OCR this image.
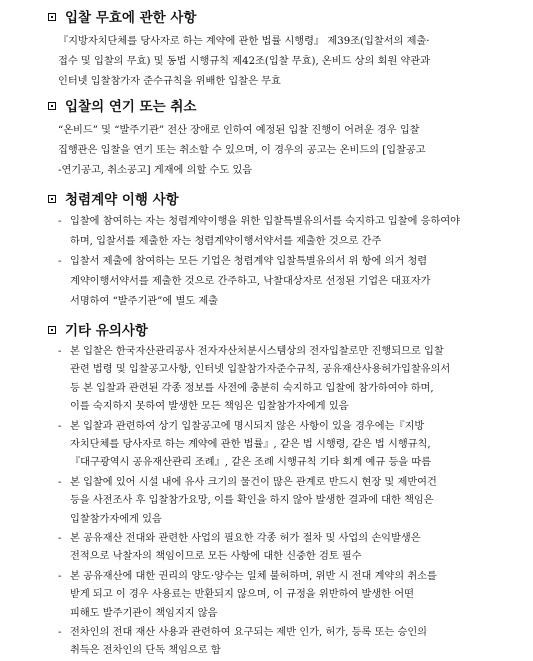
입찰 무효에 관한 사항
『지방자치단체를 당사자로 하는 계약에 관한 법률 시행령』 제39조(입찰서의 제출·
접수 및 입찰의 무효) 및 동법 시행규칙 제42조(입찰 무효), 온비드 상의 회원 약관과
인터넷 입찰참가자 준수규칙을 위배한 입찰은 무효
입찰의 연기 또는 취소
“온비드” 및 “발주기관” 전산 장애로 인하여 예정된 입찰 진행이 어려운 경우 입찰
집행관은 입찰을 연기 또는 취소할 수 있으며, 이 경우의 공고는 온비드의 [입찰공고
-연기공고, 취소공고] 게재에 의할 수도 있음
청렴계약 이행 사항
- 입찰에 참여하는 자는 청렴계약이행을 위한 입찰특별유의서를 숙지하고 입찰에 응하여야
하며, 입찰서를 제출한 자는 청렴계약이행서약서를 제출한 것으로 간주
- 입찰서 제출에 참여하는 모든 기업은 청렴계약 입찰특별유의서 위 항에 의거 청렴
계약이행서약서를 제출한 것으로 간주하고, 낙찰대상자로 선정된 기업은 대표자가
서명하여 “발주기관”에 별도 제출
기타 유의사항
- 본 입찰은 한국자산관리공사 전자자산처분시스템상의 전자입찰로만 진행되므로 입찰
관련 법령 및 입찰공고사항, 인터넷 입찰참가자준수규칙, 공유재산사용허가입찰유의서
등 본 입찰과 관련된 각종 정보를 사전에 충분히 숙지하고 입찰에 참가하여야 하며,
이를 숙지하지 못하여 발생한 모든 책임은 입찰참가자에게 있음
- 본 입찰과 관련하여 상기 입찰공고에 명시되지 않은 사항이 있을 경우에는『지방
자치단체를 당사자로 하는 계약에 관한 법률』, 같은 법 시행령, 같은 법 시행규칙,
『대구광역시 공유재산관리 조례』, 같은 조례 시행규칙 기타 회계 예규 등을 따름
- 본 입찰에 있어 시설 내에 유사 크기의 물건이 많은 관계로 반드시 현장 및 제반여건
등을 사전조사 후 입찰참가요망, 이를 확인을 하지 않아 발생한 결과에 대한 책임은
입찰참가자에게 있음
- 본 공유재산 전대와 관련한 사업의 필요한 각종 허가 절차 및 사업의 손익발생은
전적으로 낙찰자의 책임이므로 모든 사항에 대한 신중한 검토 필수
- 본 공유재산에 대한 권리의 양도·양수는 일체 불허하며, 위반 시 전대 계약의 취소를
받게 되고 이 경우 사용료는 반환되지 않으며, 이 규정을 위반하여 발생한 어떤
피해도 발주기관이 책임지지 않음
- 전차인의 전대 재산 사용과 관련하여 요구되는 제반 인가, 허가, 등록 또는 승인의
취득은 전차인의 단독 책임으로 함
